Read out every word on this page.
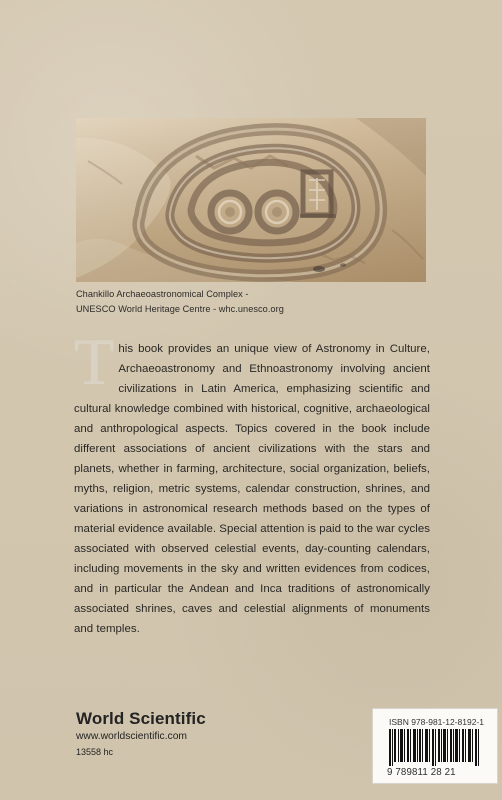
Chankillo Archaeoastronomical Complex -
UNESCO World Heritage Centre - whc.unesco.org
T his book provides an unique view of Astronomy in Culture, Archaeoastronomy and Ethnoastronomy involving ancient civilizations in Latin America, emphasizing scientific and cultural knowledge combined with historical, cognitive, archaeological and anthropological aspects. Topics covered in the book include different associations of ancient civilizations with the stars and planets, whether in farming, architecture, social organization, beliefs, myths, religion, metric systems, calendar construction, shrines, and variations in astronomical research methods based on the types of material evidence available. Special attention is paid to the war cycles associated with observed celestial events, day-counting calendars, including movements in the sky and written evidences from codices, and in particular the Andean and Inca traditions of astronomically associated shrines, caves and celestial alignments of monuments and temples.
World Scientific
www.worldscientific.com
13558 hc
ISBN 978-981-12-8192-1
9 789811 28 21
